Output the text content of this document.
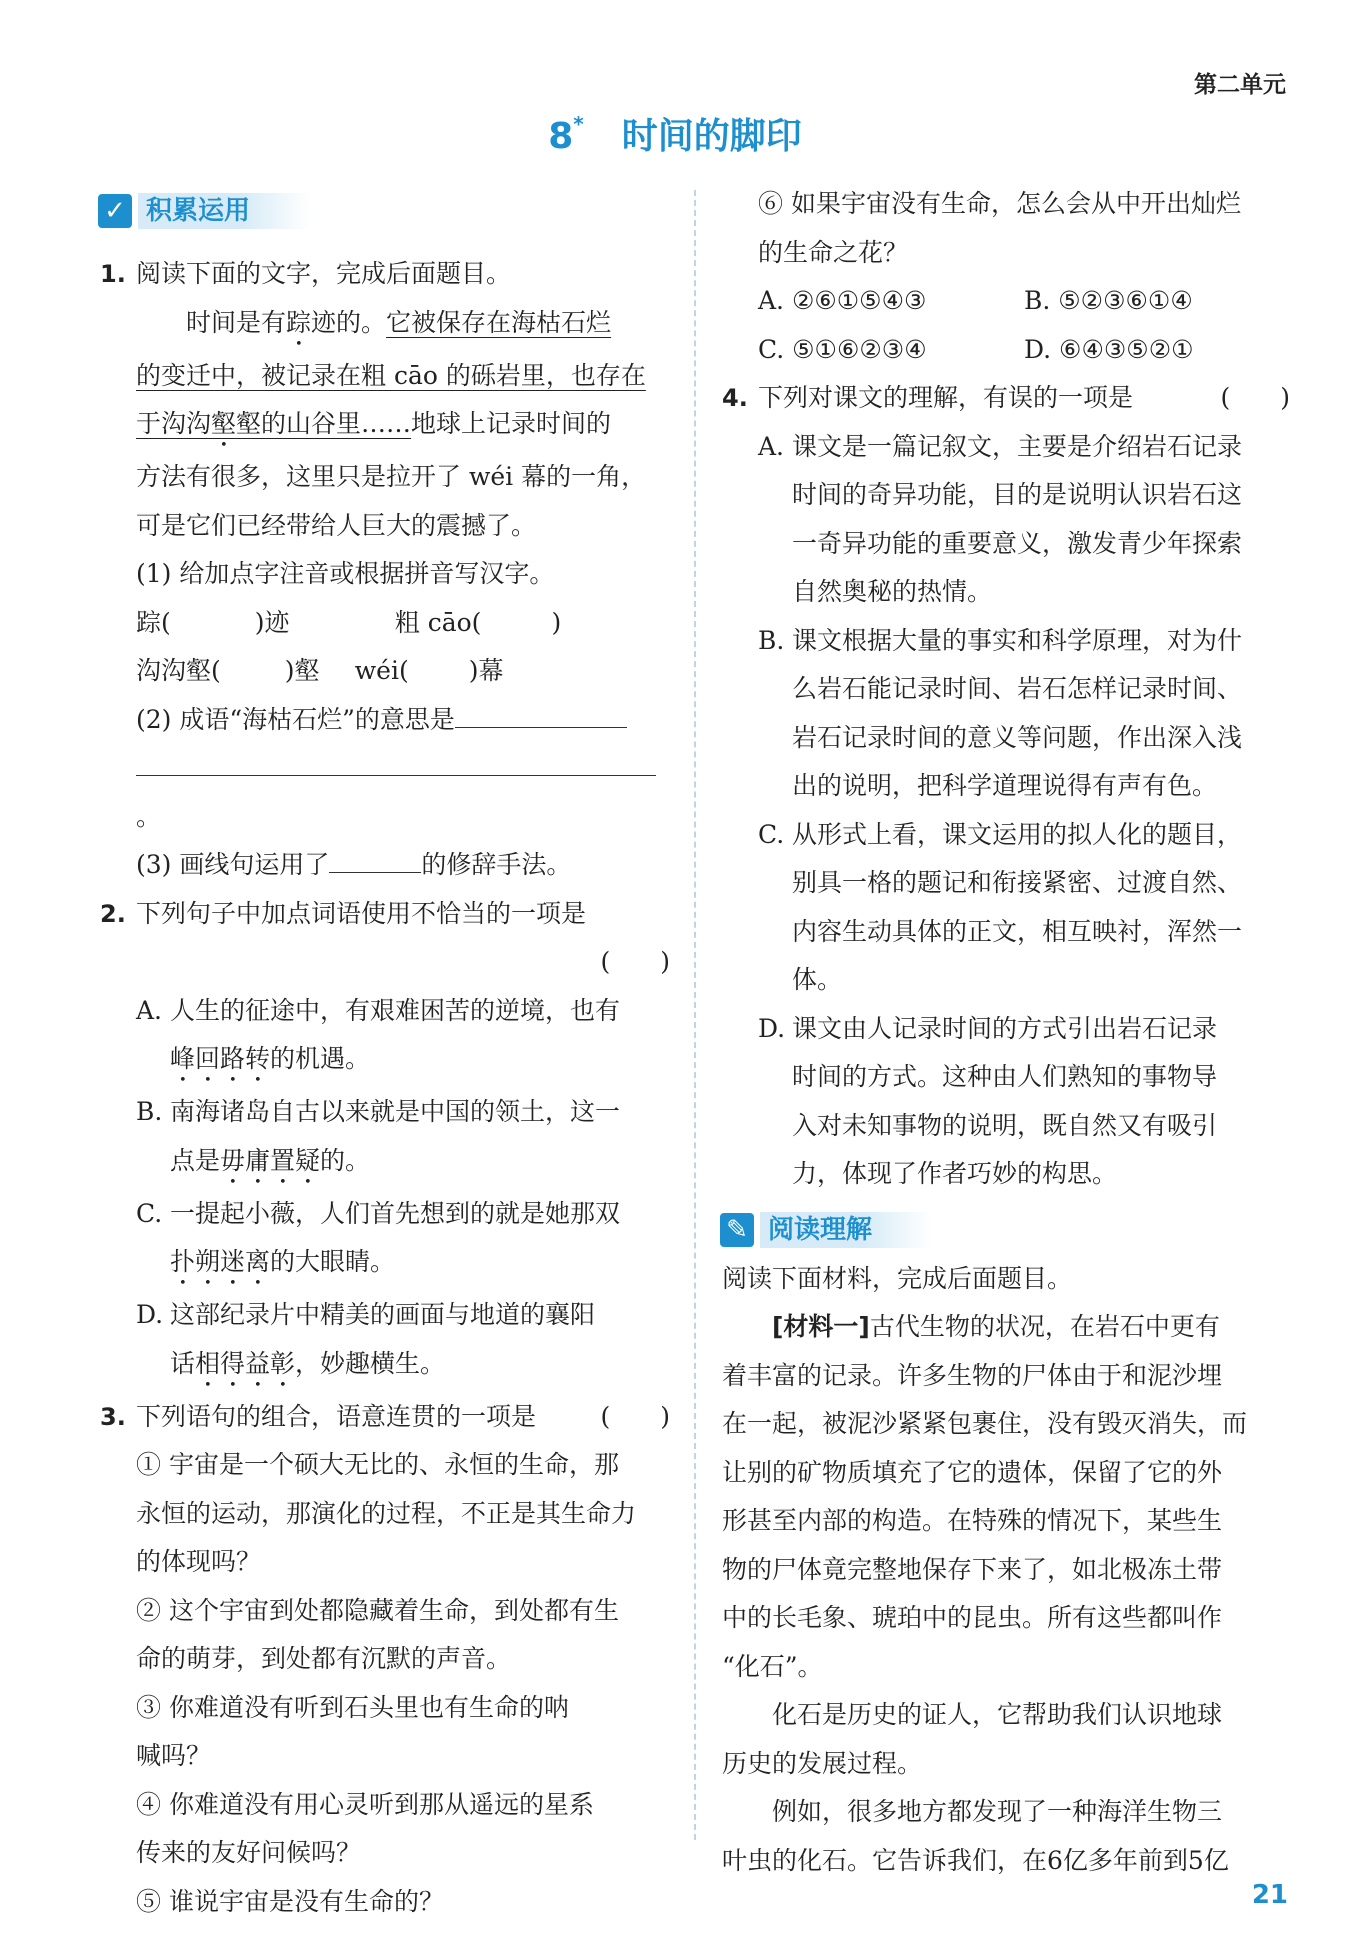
第二单元
8* 时间的脚印
✓ 积累运用
1. 阅读下面的文字，完成后面题目。

时间是有踪迹的。它被保存在海枯石烂

的变迁中，被记录在粗 cāo 的砾岩里，也存在

于沟沟壑壑的山谷里……地球上记录时间的

方法有很多，这里只是拉开了 wéi 幕的一角，

可是它们已经带给人巨大的震撼了。

(1) 给加点字注音或根据拼音写汉字。

踪(	)迹	粗 cāo(	)
沟沟壑(	)壑	wéi( )幕

(2) 成语“海枯石烂”的意思是

。

(3) 画线句运用了	的修辞手法。

2. 下列句子中加点词语使用不恰当的一项是

(　　)

A. 人生的征途中，有艰难困苦的逆境，也有

峰回路转的机遇。

B. 南海诸岛自古以来就是中国的领土，这一

点是毋庸置疑的。

C. 一提起小薇，人们首先想到的就是她那双

扑朔迷离的大眼睛。

D. 这部纪录片中精美的画面与地道的襄阳

话相得益彰，妙趣横生。

3. 下列语句的组合，语意连贯的一项是	(　　)

① 宇宙是一个硕大无比的、永恒的生命，那

永恒的运动，那演化的过程，不正是其生命力

的体现吗？

② 这个宇宙到处都隐藏着生命，到处都有生

命的萌芽，到处都有沉默的声音。

③ 你难道没有听到石头里也有生命的呐

喊吗？

④ 你难道没有用心灵听到那从遥远的星系

传来的友好问候吗？

⑤ 谁说宇宙是没有生命的？

⑥ 如果宇宙没有生命，怎么会从中开出灿烂

的生命之花？

A. ②⑥①⑤④③	B. ⑤②③⑥①④
C. ⑤①⑥②③④	D. ⑥④③⑤②①
4. 下列对课文的理解，有误的一项是	(　　)

A. 课文是一篇记叙文，主要是介绍岩石记录

时间的奇异功能，目的是说明认识岩石这

一奇异功能的重要意义，激发青少年探索

自然奥秘的热情。

B. 课文根据大量的事实和科学原理，对为什

么岩石能记录时间、岩石怎样记录时间、

岩石记录时间的意义等问题，作出深入浅

出的说明，把科学道理说得有声有色。

C. 从形式上看，课文运用的拟人化的题目，

别具一格的题记和衔接紧密、过渡自然、

内容生动具体的正文，相互映衬，浑然一体。

D. 课文由人记录时间的方式引出岩石记录

时间的方式。这种由人们熟知的事物导

入对未知事物的说明，既自然又有吸引

力，体现了作者巧妙的构思。

✎ 阅读理解

阅读下面材料，完成后面题目。

[材料一]古代生物的状况，在岩石中更有

着丰富的记录。许多生物的尸体由于和泥沙埋

在一起，被泥沙紧紧包裹住，没有毁灭消失，而

让别的矿物质填充了它的遗体，保留了它的外

形甚至内部的构造。在特殊的情况下，某些生

物的尸体竟完整地保存下来了，如北极冻土带

中的长毛象、琥珀中的昆虫。所有这些都叫作

“化石”。

化石是历史的证人，它帮助我们认识地球

历史的发展过程。

例如，很多地方都发现了一种海洋生物三

叶虫的化石。它告诉我们，在6亿多年前到5亿

21
